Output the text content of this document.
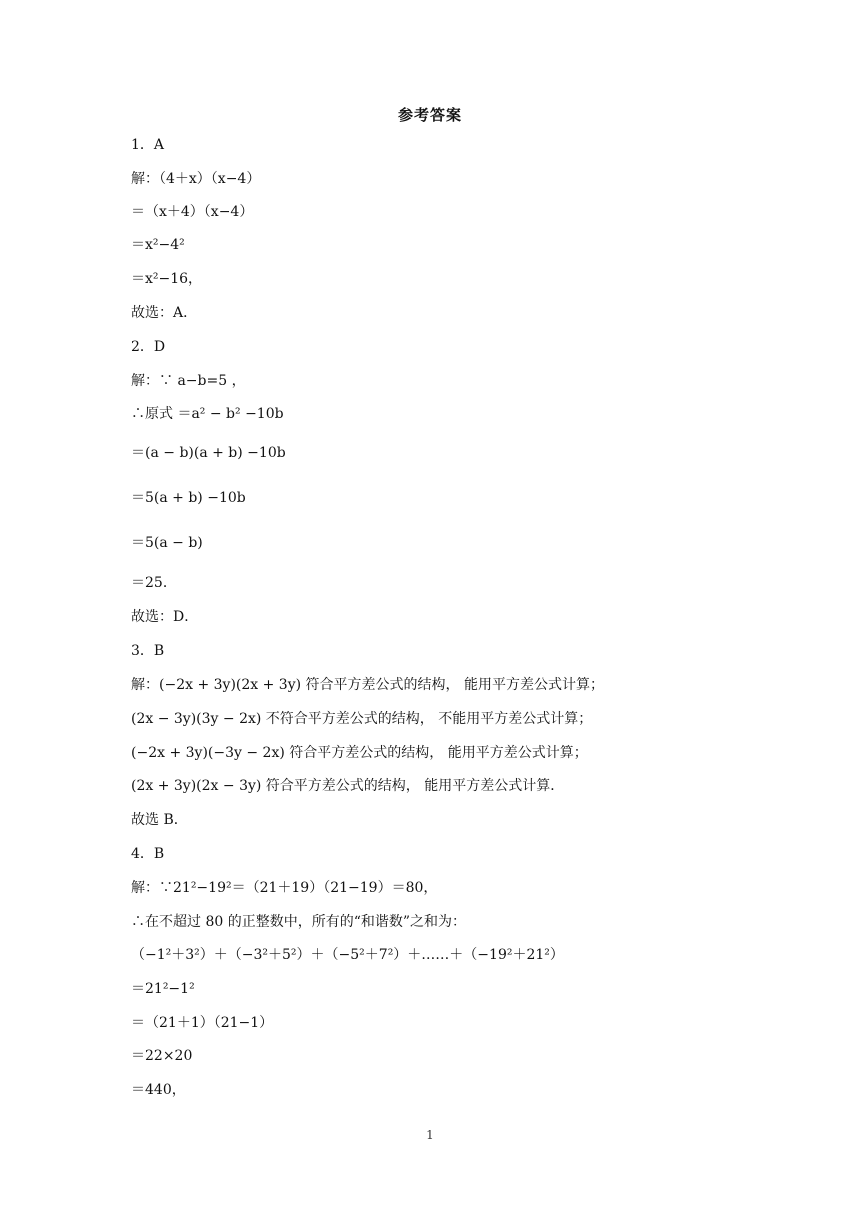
参考答案
1．A
解：（4＋x）（x−4）
＝（x＋4）（x−4）
＝x²−4²
＝x²−16，
故选：A．
2．D
解：∵ a−b=5 ，
∴原式 ＝a² − b² −10b
＝(a − b)(a + b) −10b
＝5(a + b) −10b
＝5(a − b)
＝25．
故选：D．
3．B
解：(−2x + 3y)(2x + 3y) 符合平方差公式的结构， 能用平方差公式计算；
(2x − 3y)(3y − 2x) 不符合平方差公式的结构， 不能用平方差公式计算；
(−2x + 3y)(−3y − 2x) 符合平方差公式的结构， 能用平方差公式计算；
(2x + 3y)(2x − 3y) 符合平方差公式的结构， 能用平方差公式计算．
故选 B．
4．B
解：∵21²−19²＝（21＋19）（21−19）＝80，
∴在不超过 80 的正整数中，所有的“和谐数”之和为：
（−1²＋3²）＋（−3²＋5²）＋（−5²＋7²）＋……＋（−19²＋21²）
＝21²−1²
＝（21＋1）（21−1）
＝22×20
＝440，
1
